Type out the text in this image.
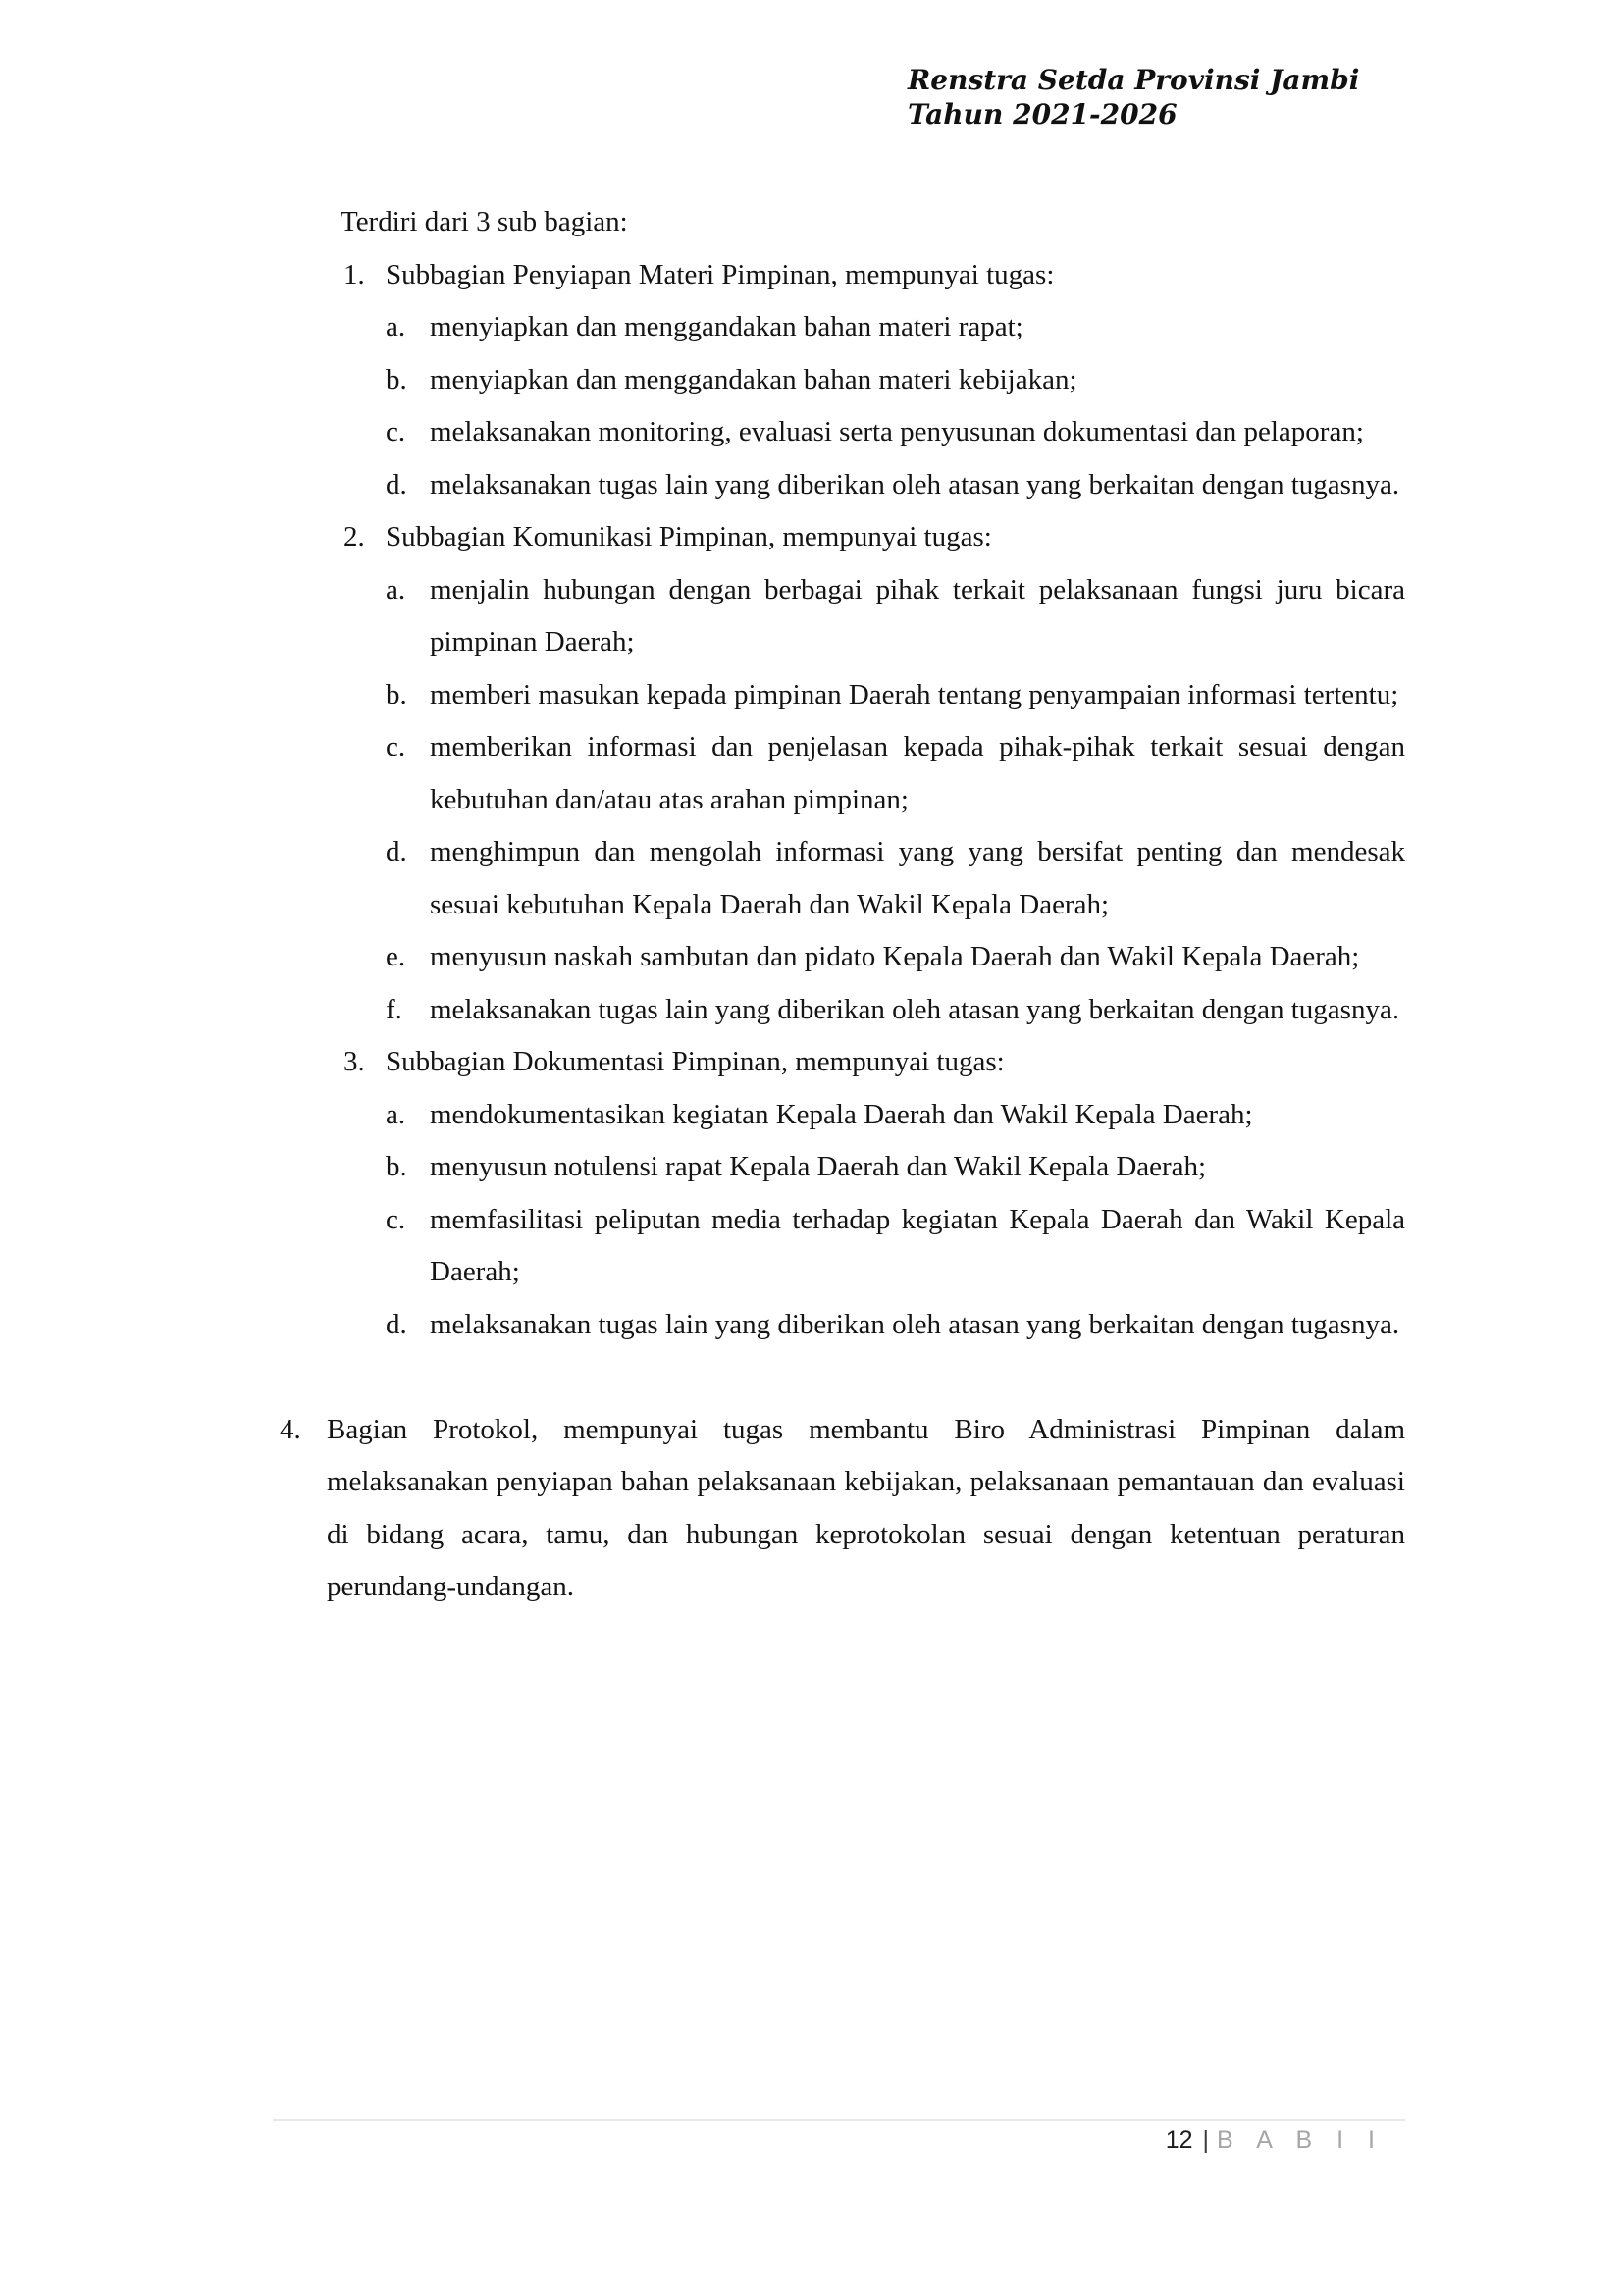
Renstra Setda Provinsi Jambi
Tahun 2021-2026

Terdiri dari 3 sub bagian:

1. Subbagian Penyiapan Materi Pimpinan, mempunyai tugas:
a. menyiapkan dan menggandakan bahan materi rapat;
b. menyiapkan dan menggandakan bahan materi kebijakan;
c. melaksanakan monitoring, evaluasi serta penyusunan dokumentasi dan pelaporan;
d. melaksanakan tugas lain yang diberikan oleh atasan yang berkaitan dengan tugasnya.
2. Subbagian Komunikasi Pimpinan, mempunyai tugas:
a. menjalin hubungan dengan berbagai pihak terkait pelaksanaan fungsi juru bicara pimpinan Daerah;
b. memberi masukan kepada pimpinan Daerah tentang penyampaian informasi tertentu;
c. memberikan informasi dan penjelasan kepada pihak-pihak terkait sesuai dengan kebutuhan dan/atau atas arahan pimpinan;
d. menghimpun dan mengolah informasi yang yang bersifat penting dan mendesak sesuai kebutuhan Kepala Daerah dan Wakil Kepala Daerah;
e. menyusun naskah sambutan dan pidato Kepala Daerah dan Wakil Kepala Daerah;
f. melaksanakan tugas lain yang diberikan oleh atasan yang berkaitan dengan tugasnya.
3. Subbagian Dokumentasi Pimpinan, mempunyai tugas:
a. mendokumentasikan kegiatan Kepala Daerah dan Wakil Kepala Daerah;
b. menyusun notulensi rapat Kepala Daerah dan Wakil Kepala Daerah;
c. memfasilitasi peliputan media terhadap kegiatan Kepala Daerah dan Wakil Kepala Daerah;
d. melaksanakan tugas lain yang diberikan oleh atasan yang berkaitan dengan tugasnya.
4. Bagian Protokol, mempunyai tugas membantu Biro Administrasi Pimpinan dalam melaksanakan penyiapan bahan pelaksanaan kebijakan, pelaksanaan pemantauan dan evaluasi di bidang acara, tamu, dan hubungan keprotokolan sesuai dengan ketentuan peraturan perundang-undangan.
12 | B A B I I
